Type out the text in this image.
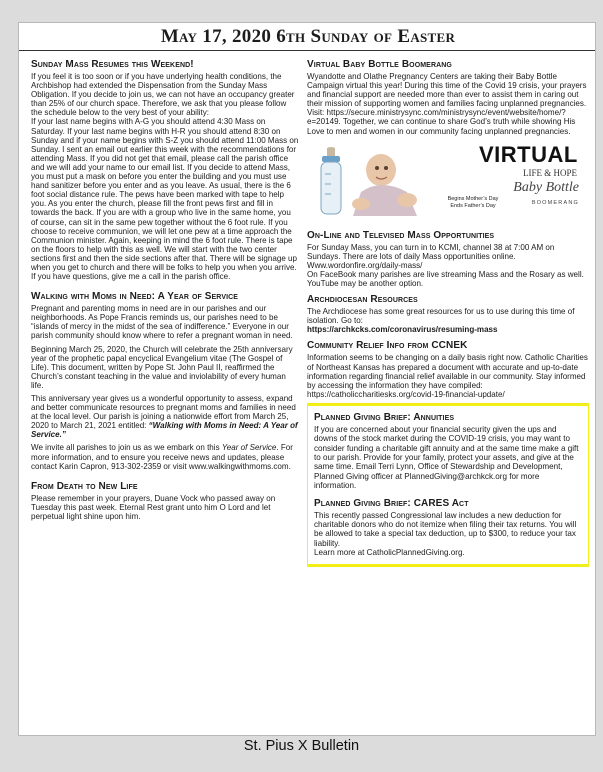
May 17, 2020 6th Sunday of Easter
Sunday Mass Resumes this Weekend!

If you feel it is too soon or if you have underlying health conditions, the Archbishop had extended the Dispensation from the Sunday Mass Obligation. If you decide to join us, we can not have an occupancy greater than 25% of our church space. Therefore, we ask that you please follow the schedule below to the very best of your ability:

If your last name begins with A-G you should attend 4:30 Mass on Saturday. If your last name begins with H-R you should attend 8:30 on Sunday and if your name begins with S-Z you should attend 11:00 Mass on Sunday. I sent an email out earlier this week with the recommendations for attending Mass. If you did not get that email, please call the parish office and we will add your name to our email list. If you decide to attend Mass, you must put a mask on before you enter the building and you must use hand sanitizer before you enter and as you leave. As usual, there is the 6 foot social distance rule. The pews have been marked with tape to help you. As you enter the church, please fill the front pews first and fill in towards the back. If you are with a group who live in the same home, you of course, can sit in the same pew together without the 6 foot rule. If you choose to receive communion, we will let one pew at a time approach the Communion minister. Again, keeping in mind the 6 foot rule. There is tape on the floors to help with this as well. We will start with the two center sections first and then the side sections after that. There will be signage up when you get to church and there will be folks to help you when you arrive. If you have questions, give me a call in the parish office.

Walking with Moms in Need: A Year of Service

Pregnant and parenting moms in need are in our parishes and our neighborhoods. As Pope Francis reminds us, our parishes need to be “islands of mercy in the midst of the sea of indifference.” Everyone in our parish community should know where to refer a pregnant woman in need.

Beginning March 25, 2020, the Church will celebrate the 25th anniversary year of the prophetic papal encyclical Evangelium vitae (The Gospel of Life). This document, written by Pope St. John Paul II, reaffirmed the Church’s constant teaching in the value and inviolability of every human life.

This anniversary year gives us a wonderful opportunity to assess, expand and better communicate resources to pregnant moms and families in need at the local level. Our parish is joining a nationwide effort from March 25, 2020 to March 21, 2021 entitled: “Walking with Moms in Need: A Year of Service.”

We invite all parishes to join us as we embark on this Year of Service. For more information, and to ensure you receive news and updates, please contact Karin Capron, 913-302-2359 or visit www.walkingwithmoms.com.

From Death to New Life

Please remember in your prayers, Duane Vock who passed away on Tuesday this past week. Eternal Rest grant unto him O Lord and let perpetual light shine upon him.

Virtual Baby Bottle Boomerang

Wyandotte and Olathe Pregnancy Centers are taking their Baby Bottle Campaign virtual this year! During this time of the Covid 19 crisis, your prayers and financial support are needed more than ever to assist them in caring out their mission of supporting women and families facing unplanned pregnancies. Visit: https://secure.ministrysync.com/ministrysync/event/website/home/?e=20149. Together, we can continue to share God’s truth while showing His Love to men and women in our community facing unplanned pregnancies.

Begins Mother’s Day
Ends Father’s Day
VIRTUAL
LIFE & HOPE
Baby Bottle
BOOMERANG
On-Line and Televised Mass Opportunities

For Sunday Mass, you can turn in to KCMI, channel 38 at 7:00 AM on Sundays. There are lots of daily Mass opportunities online.

Www.wordonfire.org/daily-mass/

On FaceBook many parishes are live streaming Mass and the Rosary as well. YouTube may be another option.

Archdiocesan Resources

The Archdiocese has some great resources for us to use during this time of isolation. Go to:

https://archkcks.com/coronavirus/resuming-mass

Community Relief Info from CCNEK

Information seems to be changing on a daily basis right now. Catholic Charities of Northeast Kansas has prepared a document with accurate and up-to-date information regarding financial relief available in our community. Stay informed by accessing the information they have compiled:

https://catholiccharitiesks.org/covid-19-financial-update/

Planned Giving Brief: Annuities

If you are concerned about your financial security given the ups and downs of the stock market during the COVID-19 crisis, you may want to consider funding a charitable gift annuity and at the same time make a gift to our parish. Provide for your family, protect your assets, and give at the same time. Email Terri Lynn, Office of Stewardship and Development, Planned Giving officer at PlannedGiving@archkck.org for more information.

Planned Giving Brief: CARES Act

This recently passed Congressional law includes a new deduction for charitable donors who do not itemize when filing their tax returns. You will be allowed to take a special tax deduction, up to $300, to reduce your tax liability.

Learn more at CatholicPlannedGiving.org.

St. Pius X Bulletin
